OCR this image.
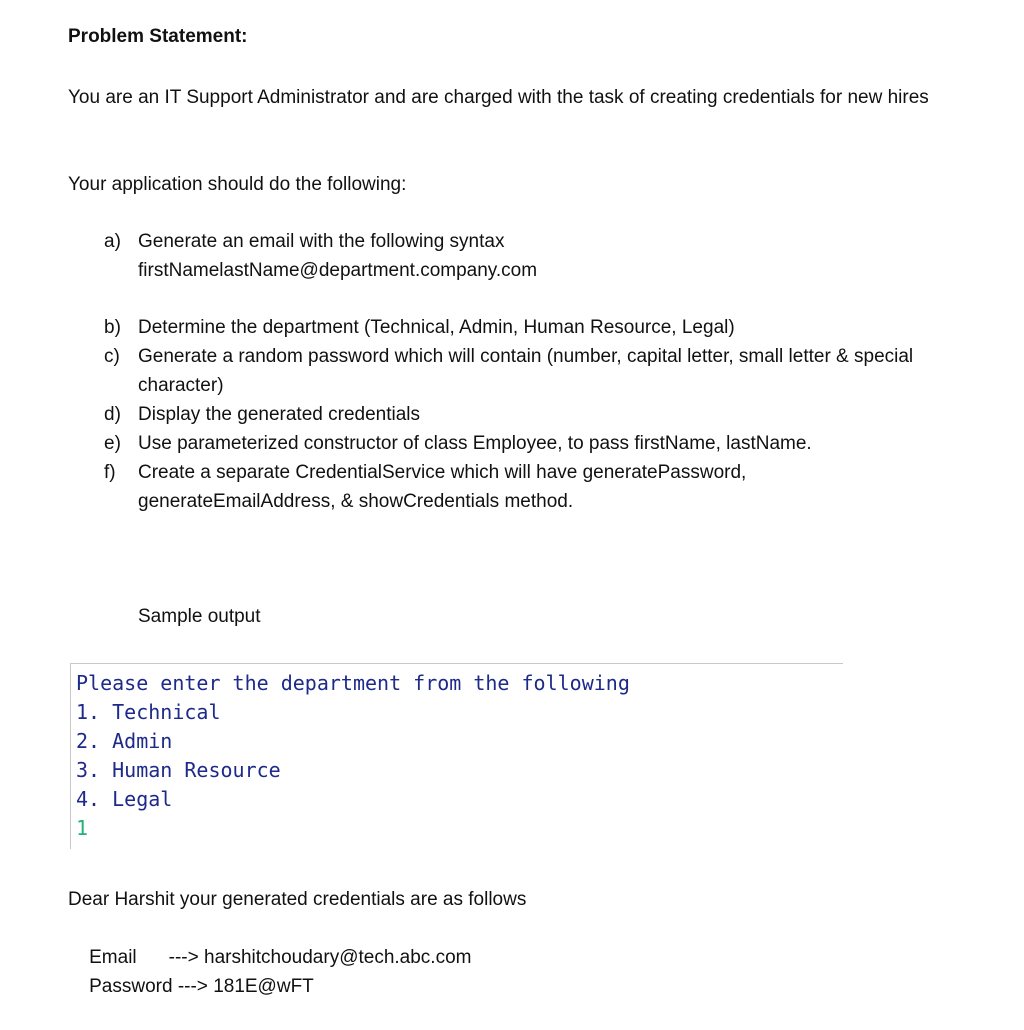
Problem Statement:

You are an IT Support Administrator and are charged with the task of creating credentials for new hires

Your application should do the following:

a) Generate an email with the following syntax
firstNamelastName@department.company.com
b) Determine the department (Technical, Admin, Human Resource, Legal)
c) Generate a random password which will contain (number, capital letter, small letter & special character)
d) Display the generated credentials
e) Use parameterized constructor of class Employee, to pass firstName, lastName.
f)	Create a separate CredentialService which will have generatePassword, generateEmailAddress, & showCredentials method.
Sample output
Please enter the department from the following
1. Technical
2. Admin
3. Human Resource
4. Legal
1
Dear Harshit your generated credentials are as follows

Email ---> harshitchoudary@tech.abc.com

Password ---> 181E@wFT
